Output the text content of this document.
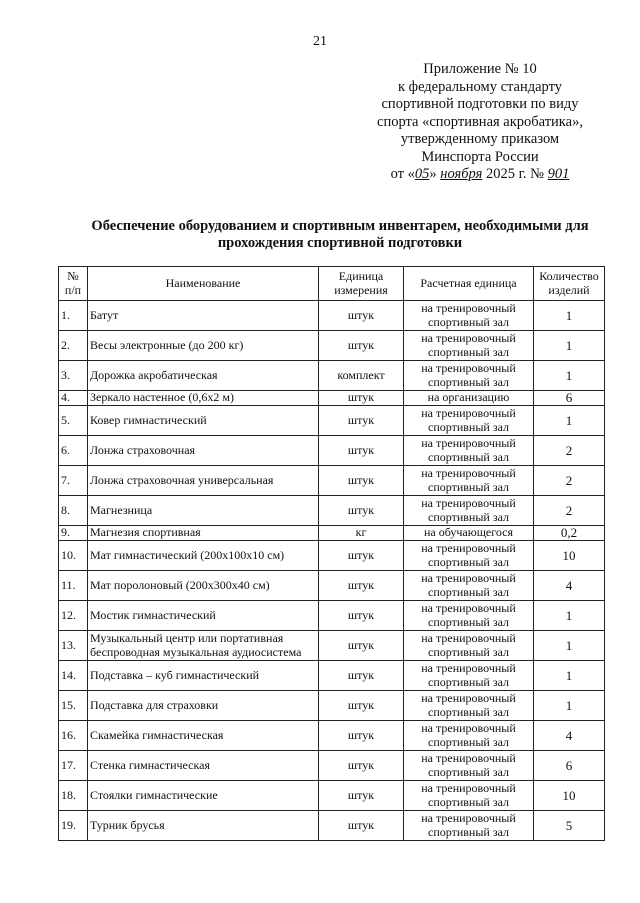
21
Приложение № 10
к федеральному стандарту
спортивной подготовки по виду
спорта «спортивная акробатика»,
утвержденному приказом
Минспорта России
от «05» ноября 2025 г. № 901
Обеспечение оборудованием и спортивным инвентарем, необходимыми для прохождения спортивной подготовки
№ п/п	Наименование	Единица измерения	Расчетная единица	Количество изделий
1.	Батут	штук	на тренировочный спортивный зал	1
2.	Весы электронные (до 200 кг)	штук	на тренировочный спортивный зал	1
3.	Дорожка акробатическая	комплект	на тренировочный спортивный зал	1
4.	Зеркало настенное (0,6х2 м)	штук	на организацию	6
5.	Ковер гимнастический	штук	на тренировочный спортивный зал	1
6.	Лонжа страховочная	штук	на тренировочный спортивный зал	2
7.	Лонжа страховочная универсальная	штук	на тренировочный спортивный зал	2
8.	Магнезница	штук	на тренировочный спортивный зал	2
9.	Магнезия спортивная	кг	на обучающегося	0,2
10.	Мат гимнастический (200х100х10 см)	штук	на тренировочный спортивный зал	10
11.	Мат поролоновый (200х300х40 см)	штук	на тренировочный спортивный зал	4
12.	Мостик гимнастический	штук	на тренировочный спортивный зал	1
13.	Музыкальный центр или портативная беспроводная музыкальная аудиосистема	штук	на тренировочный спортивный зал	1
14.	Подставка – куб гимнастический	штук	на тренировочный спортивный зал	1
15.	Подставка для страховки	штук	на тренировочный спортивный зал	1
16.	Скамейка гимнастическая	штук	на тренировочный спортивный зал	4
17.	Стенка гимнастическая	штук	на тренировочный спортивный зал	6
18.	Стоялки гимнастические	штук	на тренировочный спортивный зал	10
19.	Турник брусья	штук	на тренировочный спортивный зал	5
